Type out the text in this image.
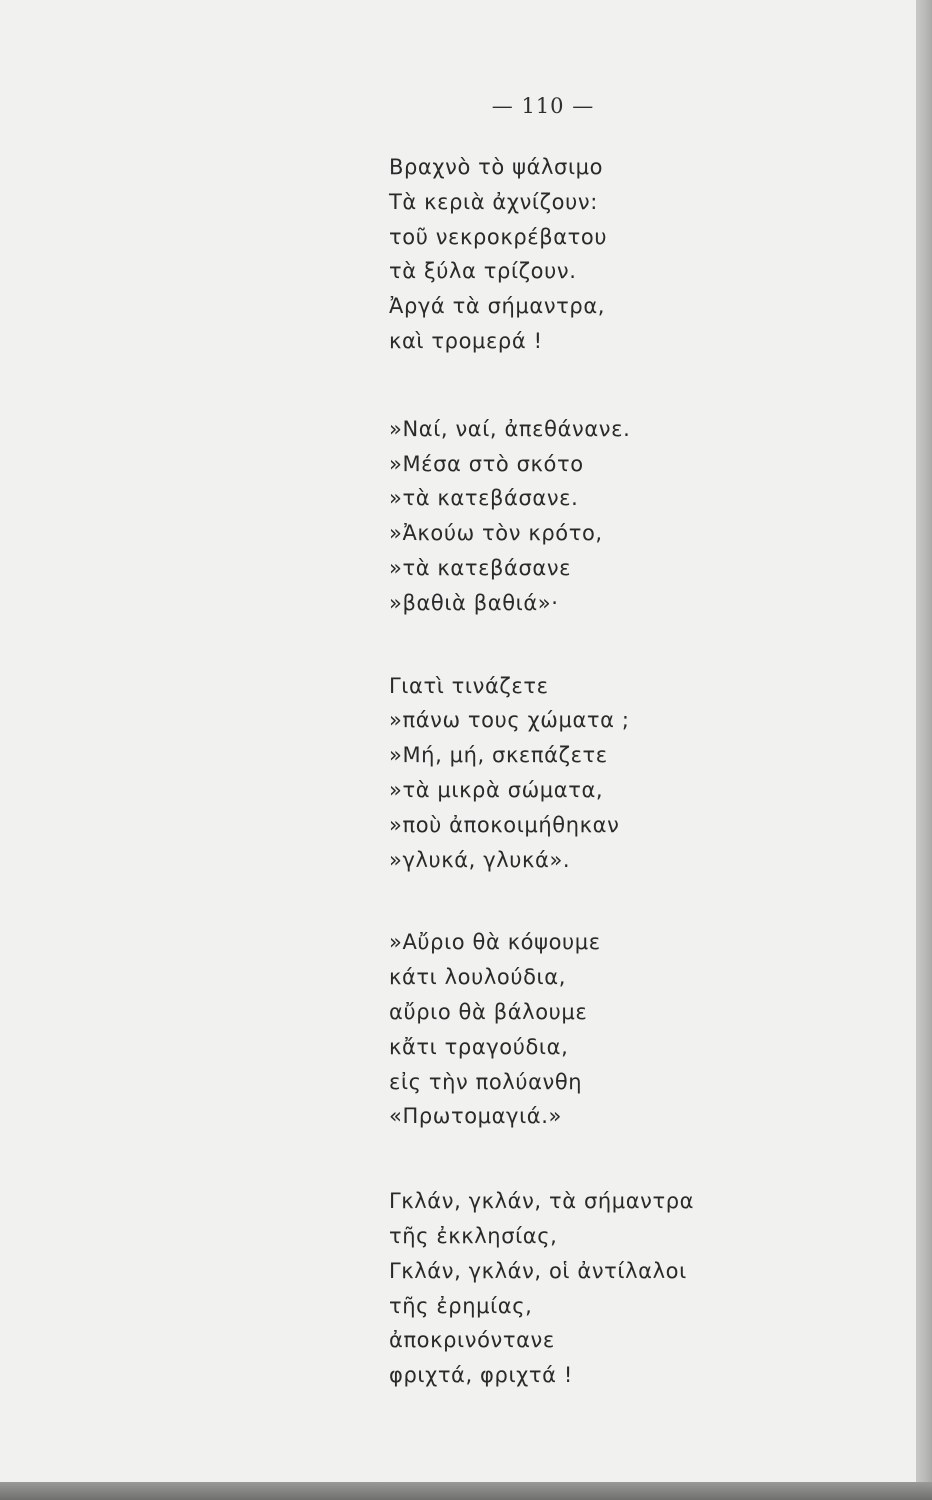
— 110 —
Βραχνὸ τὸ ψάλσιμο
Τὰ κεριὰ ἀχνίζουν:
τοῦ νεκροκρέβατου
τὰ ξύλα τρίζουν.
Ἀργά τὰ σήμαντρα,
καὶ τρομερά !
»Ναί, ναί, ἀπεθάνανε.
»Μέσα στὸ σκότο
»τὰ κατεβάσανε.
»Ἀκούω τὸν κρότο,
»τὰ κατεβάσανε
»βαθιὰ βαθιά»·
Γιατὶ τινάζετε
»πάνω τους χώματα ;
»Μή, μή, σκεπάζετε
»τὰ μικρὰ σώματα,
»ποὺ ἀποκοιμήθηκαν
»γλυκά, γλυκά».
»Αὔριο θὰ κόψουμε
κάτι λουλούδια,
αὔριο θὰ βάλουμε
κἄτι τραγούδια,
εἰς τὴν πολύανθη
«Πρωτομαγιά.»
Γκλάν, γκλάν, τὰ σήμαντρα
τῆς ἐκκλησίας,
Γκλάν, γκλάν, οἱ ἀντίλαλοι
τῆς ἐρημίας,
ἀποκρινόντανε
φριχτά, φριχτά !
